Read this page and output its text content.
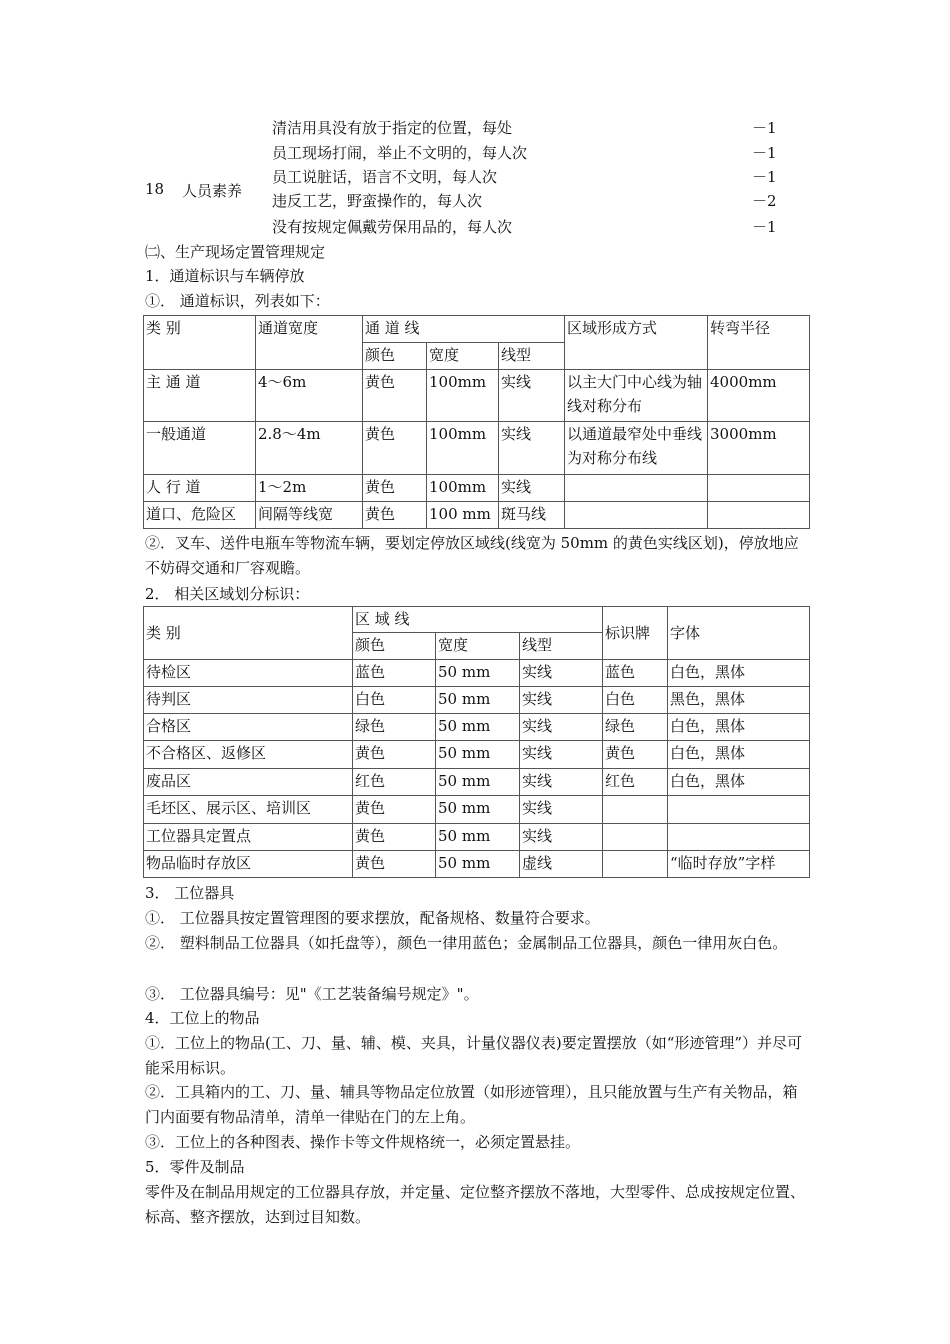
18 人员素养
清洁用具没有放于指定的位置，每处	－1
员工现场打闹，举止不文明的，每人次	－1
员工说脏话，语言不文明，每人次	－1
违反工艺，野蛮操作的，每人次	－2
没有按规定佩戴劳保用品的，每人次	－1
㈡、生产现场定置管理规定
1．通道标识与车辆停放
①． 通道标识，列表如下：
类 别	通道宽度	通 道 线			区域形成方式	转弯半径
		颜色	宽度	线型		
主 通 道	4～6m	黄色	100mm	实线	以主大门中心线为轴线对称分布	4000mm
一般通道	2.8～4m	黄色	100mm	实线	以通道最窄处中垂线为对称分布线	3000mm
人 行 道	1～2m	黄色	100mm	实线		
道口、危险区	间隔等线宽	黄色	100 mm	斑马线		
②．叉车、送件电瓶车等物流车辆，要划定停放区域线(线宽为 50mm 的黄色实线区划)，停放地应不妨碍交通和厂容观瞻。
2． 相关区域划分标识：
类 别	区 域 线			标识牌	字体
	颜色	宽度	线型		
待检区	蓝色	50 mm	实线	蓝色	白色，黑体
待判区	白色	50 mm	实线	白色	黑色，黑体
合格区	绿色	50 mm	实线	绿色	白色，黑体
不合格区、返修区	黄色	50 mm	实线	黄色	白色，黑体
废品区	红色	50 mm	实线	红色	白色，黑体
毛坯区、展示区、培训区	黄色	50 mm	实线		
工位器具定置点	黄色	50 mm	实线		
物品临时存放区	黄色	50 mm	虚线		“临时存放”字样
3． 工位器具
①． 工位器具按定置管理图的要求摆放，配备规格、数量符合要求。
②． 塑料制品工位器具（如托盘等），颜色一律用蓝色；金属制品工位器具，颜色一律用灰白色。
③． 工位器具编号：见"《工艺装备编号规定》"。
4．工位上的物品
①．工位上的物品(工、刀、量、辅、模、夹具，计量仪器仪表)要定置摆放（如“形迹管理”）并尽可能采用标识。
②．工具箱内的工、刀、量、辅具等物品定位放置（如形迹管理），且只能放置与生产有关物品，箱门内面要有物品清单，清单一律贴在门的左上角。
③．工位上的各种图表、操作卡等文件规格统一，必须定置悬挂。
5．零件及制品
零件及在制品用规定的工位器具存放，并定量、定位整齐摆放不落地，大型零件、总成按规定位置、标高、整齐摆放，达到过目知数。
